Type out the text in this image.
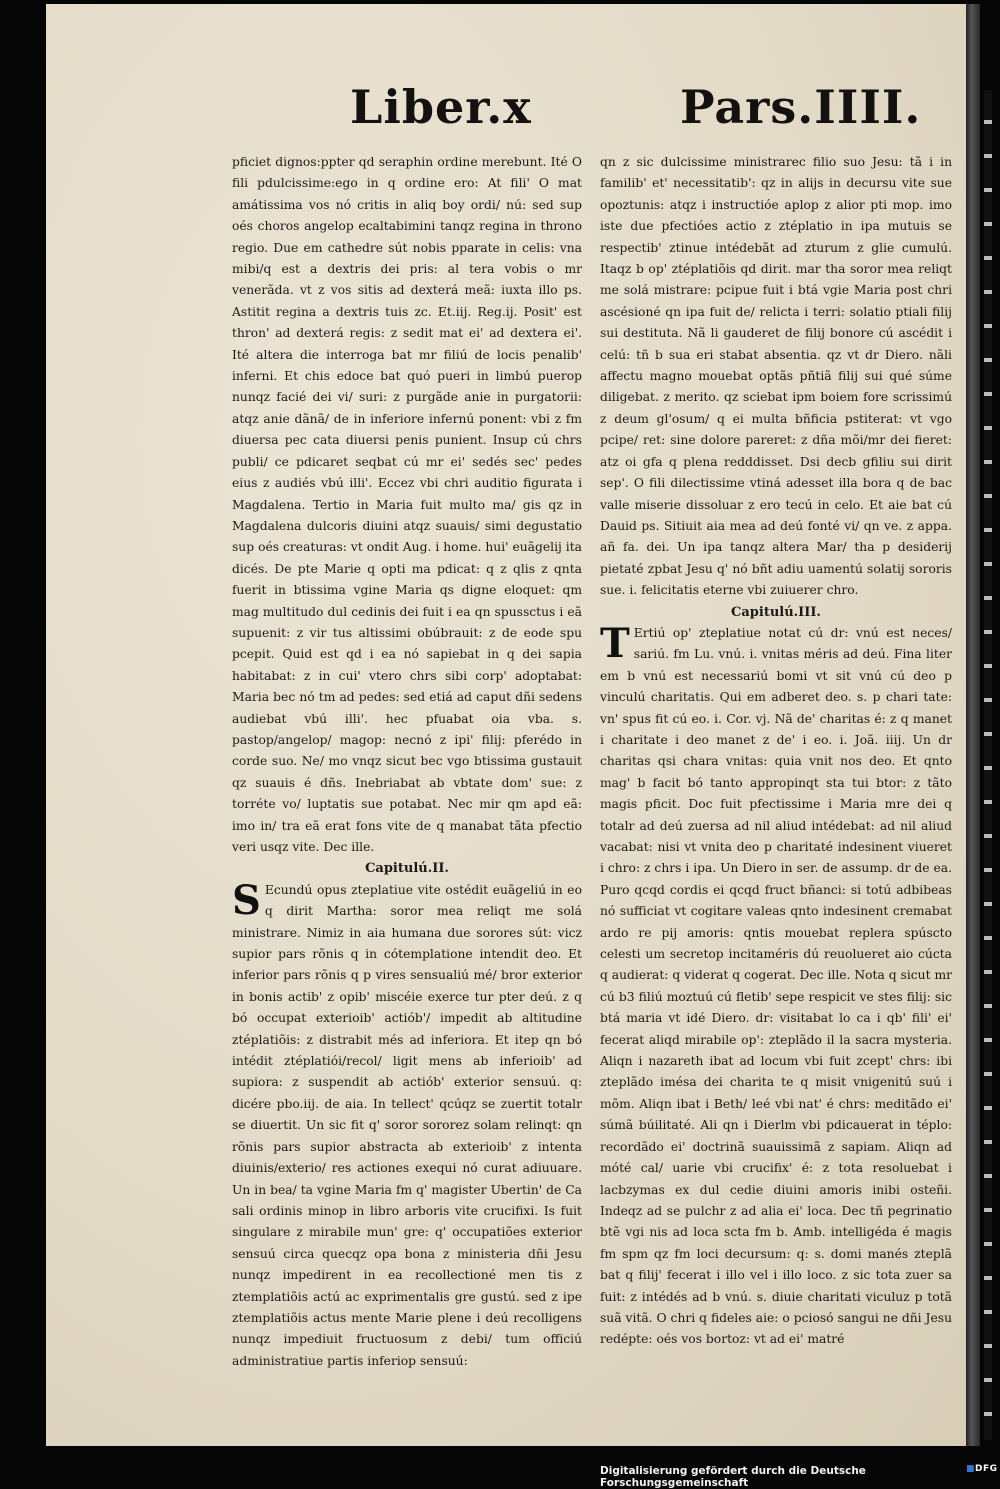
Liber.x	Pars.IIII.

pficiet dignos:ppter qd seraphin ordine merebunt. Ité O fili pdulcissime:ego in q ordine ero: At fili' O mat amátissima vos nó critis in aliq boy ordi/ nú: sed sup oés choros angelop ecaltabimini tanqz regina in throno regio. Due em cathedre sút nobis pparate in celis: vna mibi/q est a dextris dei pris: al tera vobis o mr venerãda. vt z vos sitis ad dexterá meã: iuxta illo ps. Astitit regina a dextris tuis zc. Et.iij. Reg.ij. Posit' est thron' ad dexterá regis: z sedit mat ei' ad dextera ei'. Ité altera die interroga bat mr filiú de locis penalib' inferni. Et chis edoce bat quó pueri in limbú puerop nunqz facié dei vi/ suri: z purgãde anie in purgatorii: atqz anie dãnã/ de in inferiore infernú ponent: vbi z fm diuersa pec cata diuersi penis punient. Insup cú chrs publi/ ce pdicaret seqbat cú mr ei' sedés sec' pedes eius z audiés vbú illi'. Eccez vbi chri auditio figurata i Magdalena. Tertio in Maria fuit multo ma/ gis qz in Magdalena dulcoris diuini atqz suauis/ simi degustatio sup oés creaturas: vt ondit Aug. i home. hui' euãgelij ita dicés. De pte Marie q opti ma pdicat: q z qlis z qnta fuerit in btissima vgine Maria qs digne eloquet: qm mag multitudo dul cedinis dei fuit i ea qn spussctus i eã supuenit: z vir tus altissimi obúbrauit: z de eode spu pcepit. Quid est qd i ea nó sapiebat in q dei sapia habitabat: z in cui' vtero chrs sibi corp' adoptabat: Maria bec nó tm ad pedes: sed etiá ad caput dñi sedens audiebat vbú illi'. hec pfuabat oia vba. s. pastop/angelop/ magop: necnó z ipi' filij: pferédo in corde suo. Ne/ mo vnqz sicut bec vgo btissima gustauit qz suauis é dñs. Inebriabat ab vbtate dom' sue: z torréte vo/ luptatis sue potabat. Nec mir qm apd eã: imo in/ tra eã erat fons vite de q manabat tãta pfectio veri usqz vite. Dec ille.

Capitulú.II.

S Ecundú opus zteplatiue vite ostédit euãgeliú in eo q dirit Martha: soror mea reliqt me solá ministrare. Nimiz in aia humana due sorores sút: vicz supior pars rõnis q in cótemplatione intendit deo. Et inferior pars rõnis q p vires sensualiú mé/ bror exterior in bonis actib' z opib' miscéie exerce tur pter deú. z q bó occupat exterioib' actiób'/ impedit ab altitudine ztéplatiõis: z distrabit més ad inferiora. Et itep qn bó intédit ztéplatiói/recol/ ligit mens ab inferioib' ad supiora: z suspendit ab actiób' exterior sensuú. q: dicére pbo.iij. de aia. In tellect' qcúqz se zuertit totalr se diuertit. Un sic fit q' soror sororez solam relinqt: qn rõnis pars supior abstracta ab exterioib' z intenta diuinis/exterio/ res actiones exequi nó curat adiuuare. Un in bea/ ta vgine Maria fm q' magister Ubertin' de Ca sali ordinis minop in libro arboris vite crucifixi. Is fuit singulare z mirabile mun' gre: q' occupatiões exterior sensuú circa quecqz opa bona z ministeria dñi Jesu nunqz impedirent in ea recollectioné men tis z ztemplatiõis actú ac exprimentalis gre gustú. sed z ipe ztemplatiõis actus mente Marie plene i deú recolligens nunqz impediuit fructuosum z debi/ tum officiú administratiue partis inferiop sensuú:

qn z sic dulcissime ministrarec filio suo Jesu: tã i in familib' et' necessitatib': qz in alijs in decursu vite sue opoztunis: atqz i instructióe aplop z alior pti mop. imo iste due pfectióes actio z ztéplatio in ipa mutuis se respectib' ztinue intédebãt ad zturum z glie cumulú. Itaqz b op' ztéplatiõis qd dirit. mar tha soror mea reliqt me solá mistrare: pcipue fuit i btá vgie Maria post chri ascésioné qn ipa fuit de/ relicta i terri: solatio ptiali filij sui destituta. Nã li gauderet de filij bonore cú ascédit i celú: tñ b sua eri stabat absentia. qz vt dr Diero. nãli affectu magno mouebat optãs pñtiã filij sui qué súme diligebat. z merito. qz sciebat ipm boiem fore scrissimú z deum gl'osum/ q ei multa bñficia pstiterat: vt vgo pcipe/ ret: sine dolore pareret: z dña mõi/mr dei fieret: atz oi gfa q plena redddisset. Dsi decb gfiliu sui dirit sep'. O fili dilectissime vtiná adesset illa bora q de bac valle miserie dissoluar z ero tecú in celo. Et aie bat cú Dauid ps. Sitiuit aia mea ad deú fonté vi/ qn ve. z appa. añ fa. dei. Un ipa tanqz altera Mar/ tha p desiderij pietaté zpbat Jesu q' nó bñt adiu uamentú solatij sororis sue. i. felicitatis eterne vbi zuiuerer chro.

Capitulú.III.

T Ertiú op' zteplatiue notat cú dr: vnú est neces/ sariú. fm Lu. vnú. i. vnitas méris ad deú. Fina liter em b vnú est necessariú bomi vt sit vnú cú deo p vinculú charitatis. Qui em adberet deo. s. p chari tate: vn' spus fit cú eo. i. Cor. vj. Nã de' charitas é: z q manet i charitate i deo manet z de' i eo. i. Joã. iiij. Un dr charitas qsi chara vnitas: quia vnit nos deo. Et qnto mag' b facit bó tanto appropinqt sta tui btor: z tãto magis pficit. Doc fuit pfectissime i Maria mre dei q totalr ad deú zuersa ad nil aliud intédebat: ad nil aliud vacabat: nisi vt vnita deo p charitaté indesinent viueret i chro: z chrs i ipa. Un Diero in ser. de assump. dr de ea. Puro qcqd cordis ei qcqd fruct bñanci: si totú adbibeas nó sufficiat vt cogitare valeas qnto indesinent cremabat ardo re pij amoris: qntis mouebat replera spúscto celesti um secretop incitaméris dú reuolueret aio cúcta q audierat: q viderat q cogerat. Dec ille. Nota q sicut mr cú b3 filiú moztuú cú fletib' sepe respicit ve stes filij: sic btá maria vt idé Diero. dr: visitabat lo ca i qb' fili' ei' fecerat aliqd mirabile op': zteplãdo il la sacra mysteria. Aliqn i nazareth ibat ad locum vbi fuit zcept' chrs: ibi zteplãdo imésa dei charita te q misit vnigenitú suú i mõm. Aliqn ibat i Beth/ leé vbi nat' é chrs: meditãdo ei' súmã búilitaté. Ali qn i Dierlm vbi pdicauerat in téplo: recordãdo ei' doctrinã suauissimã z sapiam. Aliqn ad móté cal/ uarie vbi crucifix' é: z tota resoluebat i lacbzymas ex dul cedie diuini amoris inibi osteñi. Indeqz ad se pulchr z ad alia ei' loca. Dec tñ pegrinatio btẽ vgi nis ad loca scta fm b. Amb. intelligéda é magis fm spm qz fm loci decursum: q: s. domi manés zteplã bat q filij' fecerat i illo vel i illo loco. z sic tota zuer sa fuit: z intédés ad b vnú. s. diuie charitati viculuz p totã suã vitã. O chri q fideles aie: o pciosó sangui ne dñi Jesu redépte: oés vos bortoz: vt ad ei' matré

Digitalisierung gefördert durch die Deutsche Forschungsgemeinschaft
■DFG
